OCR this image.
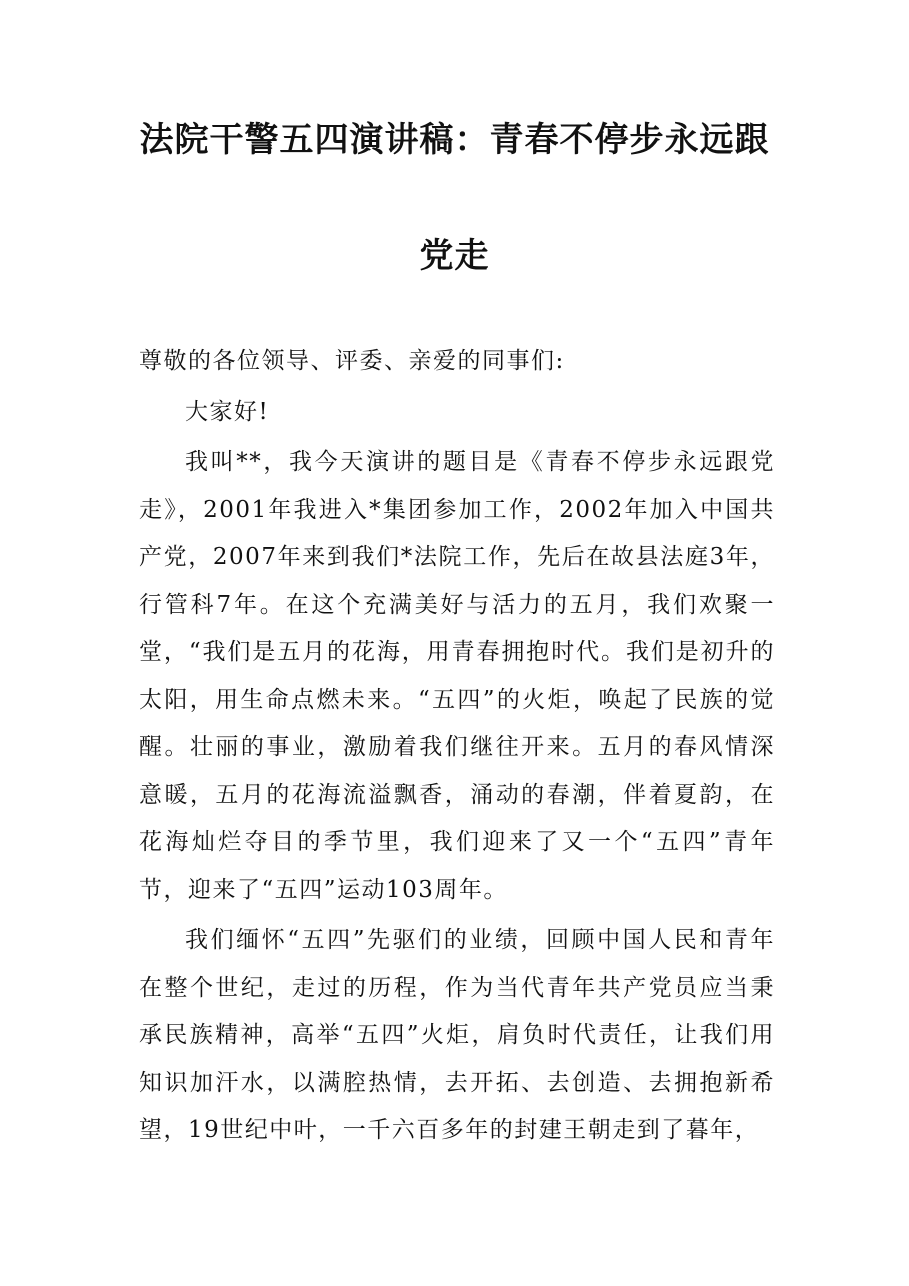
法院干警五四演讲稿：青春不停步永远跟
党走

尊敬的各位领导、评委、亲爱的同事们:

大家好!

我叫**，我今天演讲的题目是《青春不停步永远跟党走》，2001年我进入*集团参加工作，2002年加入中国共产党，2007年来到我们*法院工作，先后在故县法庭3年，行管科7年。在这个充满美好与活力的五月，我们欢聚一堂，“我们是五月的花海，用青春拥抱时代。我们是初升的太阳，用生命点燃未来。“五四”的火炬，唤起了民族的觉醒。壮丽的事业，激励着我们继往开来。五月的春风情深意暖，五月的花海流溢飘香，涌动的春潮，伴着夏韵，在花海灿烂夺目的季节里，我们迎来了又一个“五四”青年节，迎来了“五四”运动103周年。

我们缅怀“五四”先驱们的业绩，回顾中国人民和青年在整个世纪，走过的历程，作为当代青年共产党员应当秉承民族精神，高举“五四”火炬，肩负时代责任，让我们用知识加汗水，以满腔热情，去开拓、去创造、去拥抱新希望，19世纪中叶，一千六百多年的封建王朝走到了暮年，
